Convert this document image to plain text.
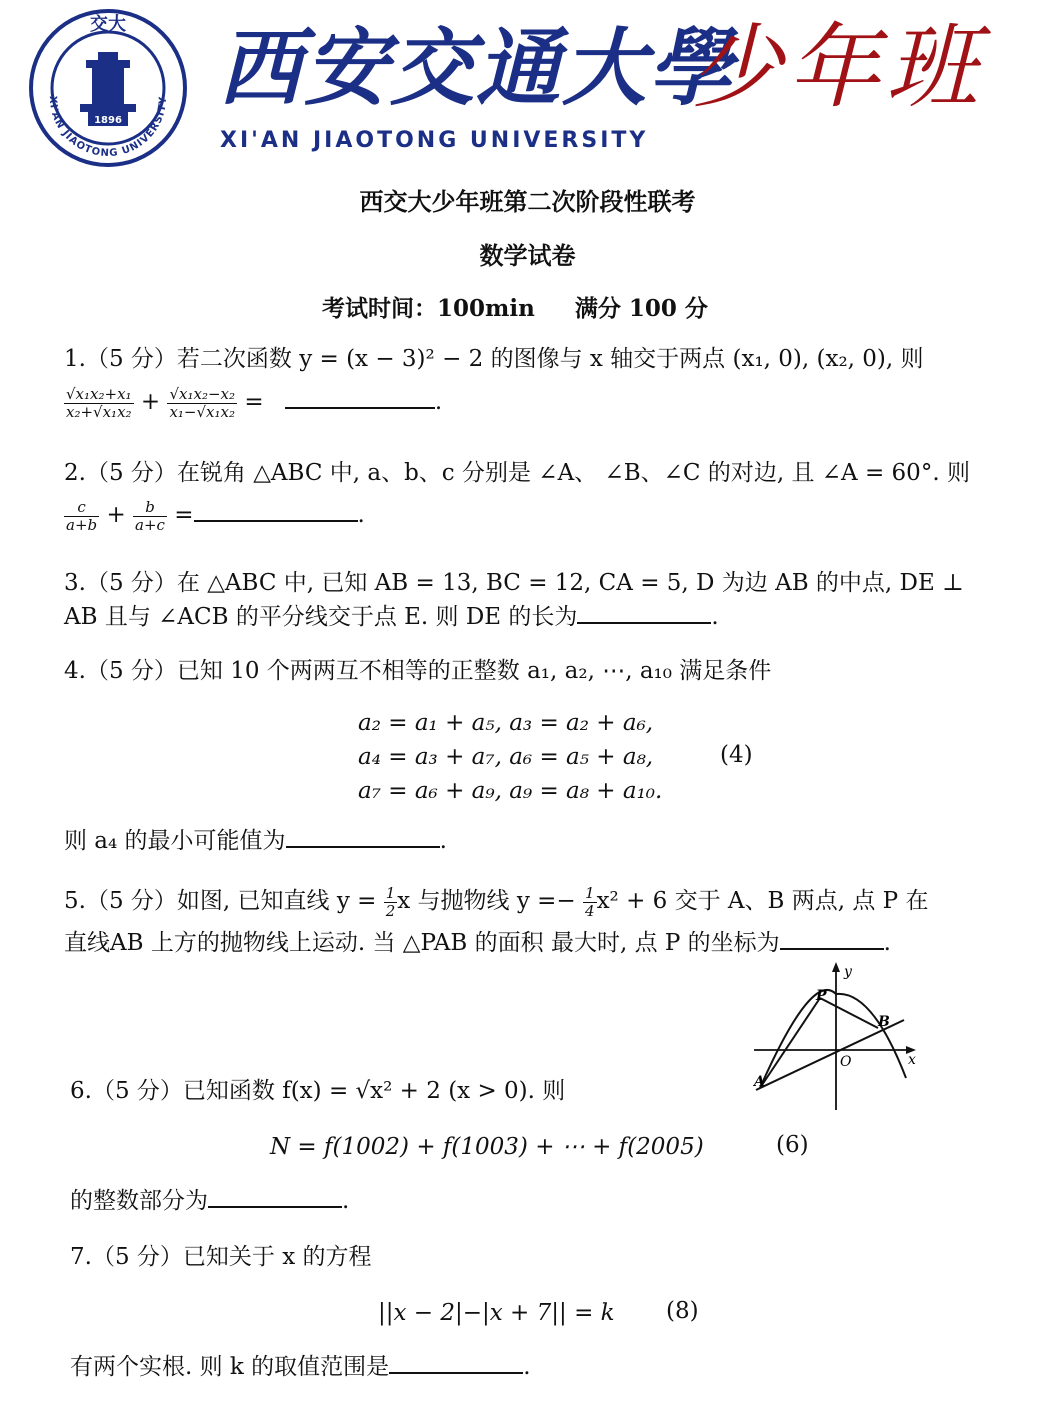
1896
交大
XI'AN JIAOTONG UNIVERSITY 西安交通大學
XI'AN JIAOTONG UNIVERSITY
少年班
西交大少年班第二次阶段性联考
数学试卷
考试时间：100min 满分 100 分
1.（5 分）若二次函数 y = (x − 3)² − 2 的图像与 x 轴交于两点 (x₁, 0), (x₂, 0), 则
$\frac{\text{√x₁x₂+x₁}}{\text{x₂+√x₁x₂}} + \frac{\text{√x₁x₂−x₂}}{\text{x₁−√x₁x₂}}$ =	.
2.（5 分）在锐角 △ABC 中, a、b、c 分别是 ∠A、 ∠B、∠C 的对边, 且 ∠A = 60°. 则
$\frac{c}{a+b} + \frac{b}{a+c}$ =	.
3.（5 分）在 △ABC 中, 已知 AB = 13, BC = 12, CA = 5, D 为边 AB 的中点, DE ⊥
AB 且与 ∠ACB 的平分线交于点 E. 则 DE 的长为	.
4.（5 分）已知 10 个两两互不相等的正整数 a₁, a₂, ⋯, a₁₀ 满足条件
a₂ = a₁ + a₅, a₃ = a₂ + a₆,
a₄ = a₃ + a₇, a₆ = a₅ + a₈,	(4)
a₇ = a₆ + a₉, a₉ = a₈ + a₁₀.
则 a₄ 的最小可能值为	.
5.（5 分）如图, 已知直线 $y = \frac{1}{2}$ x 与抛物线 $y =- \frac{1}{4} x^2 + 6$ 交于 A、B 两点, 点 P 在
直线AB 上方的抛物线上运动. 当 △PAB 的面积 最大时, 点 P 的坐标为	.
y
x
O
P
A
B
6.（5 分）已知函数 f(x) = √x² + 2 (x > 0). 则
N = f(1002) + f(1003) + ⋯ + f(2005)	(6)
的整数部分为	.
7.（5 分）已知关于 x 的方程
||x − 2|−|x + 7|| = k (8)
有两个实根. 则 k 的取值范围是	.
